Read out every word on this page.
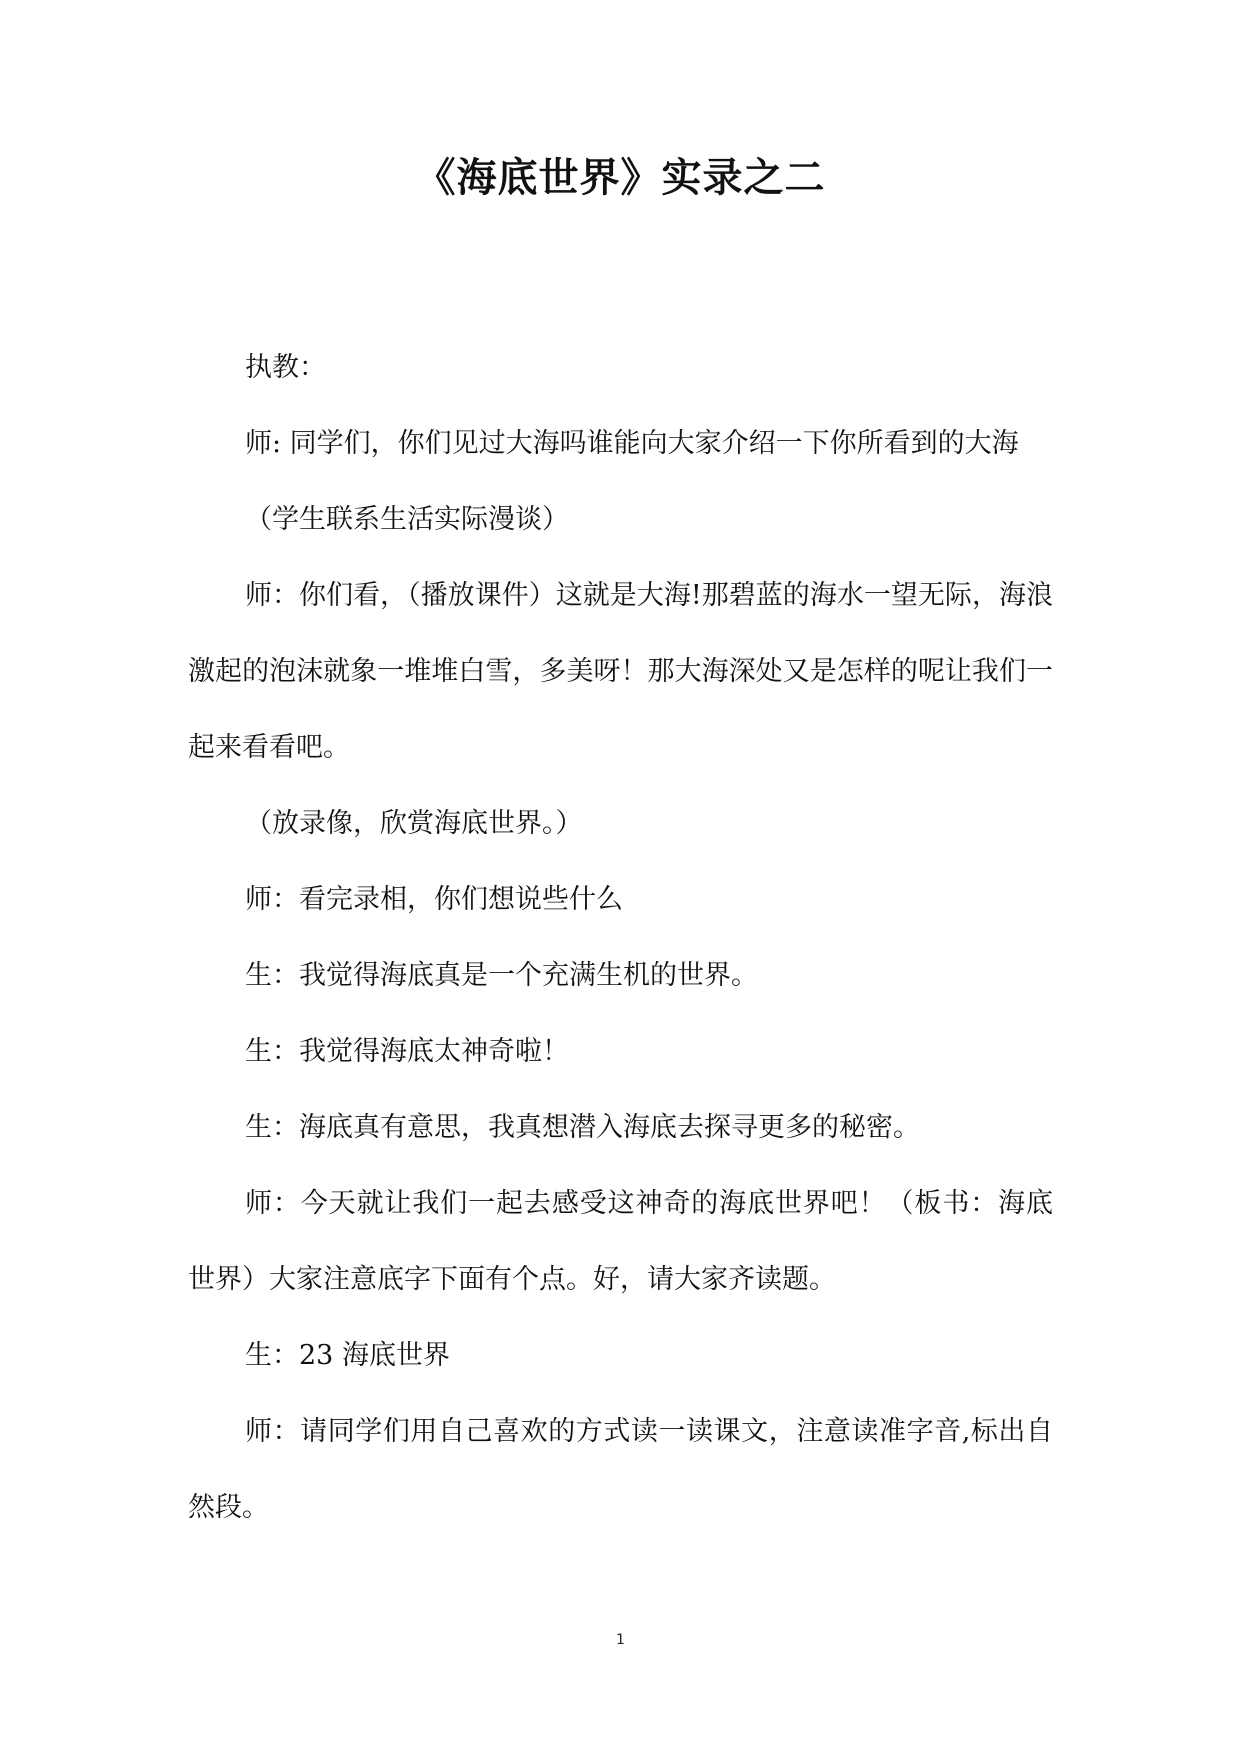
《海底世界》实录之二

执教：

师: 同学们，你们见过大海吗谁能向大家介绍一下你所看到的大海

（学生联系生活实际漫谈）

师：你们看，（播放课件）这就是大海!那碧蓝的海水一望无际，海浪激起的泡沫就象一堆堆白雪，多美呀！那大海深处又是怎样的呢让我们一起来看看吧。

（放录像，欣赏海底世界。）

师：看完录相，你们想说些什么

生：我觉得海底真是一个充满生机的世界。

生：我觉得海底太神奇啦！

生：海底真有意思，我真想潜入海底去探寻更多的秘密。

师：今天就让我们一起去感受这神奇的海底世界吧！（板书：海底世界）大家注意底字下面有个点。好，请大家齐读题。

生：23 海底世界

师：请同学们用自己喜欢的方式读一读课文，注意读准字音,标出自然段。

1
